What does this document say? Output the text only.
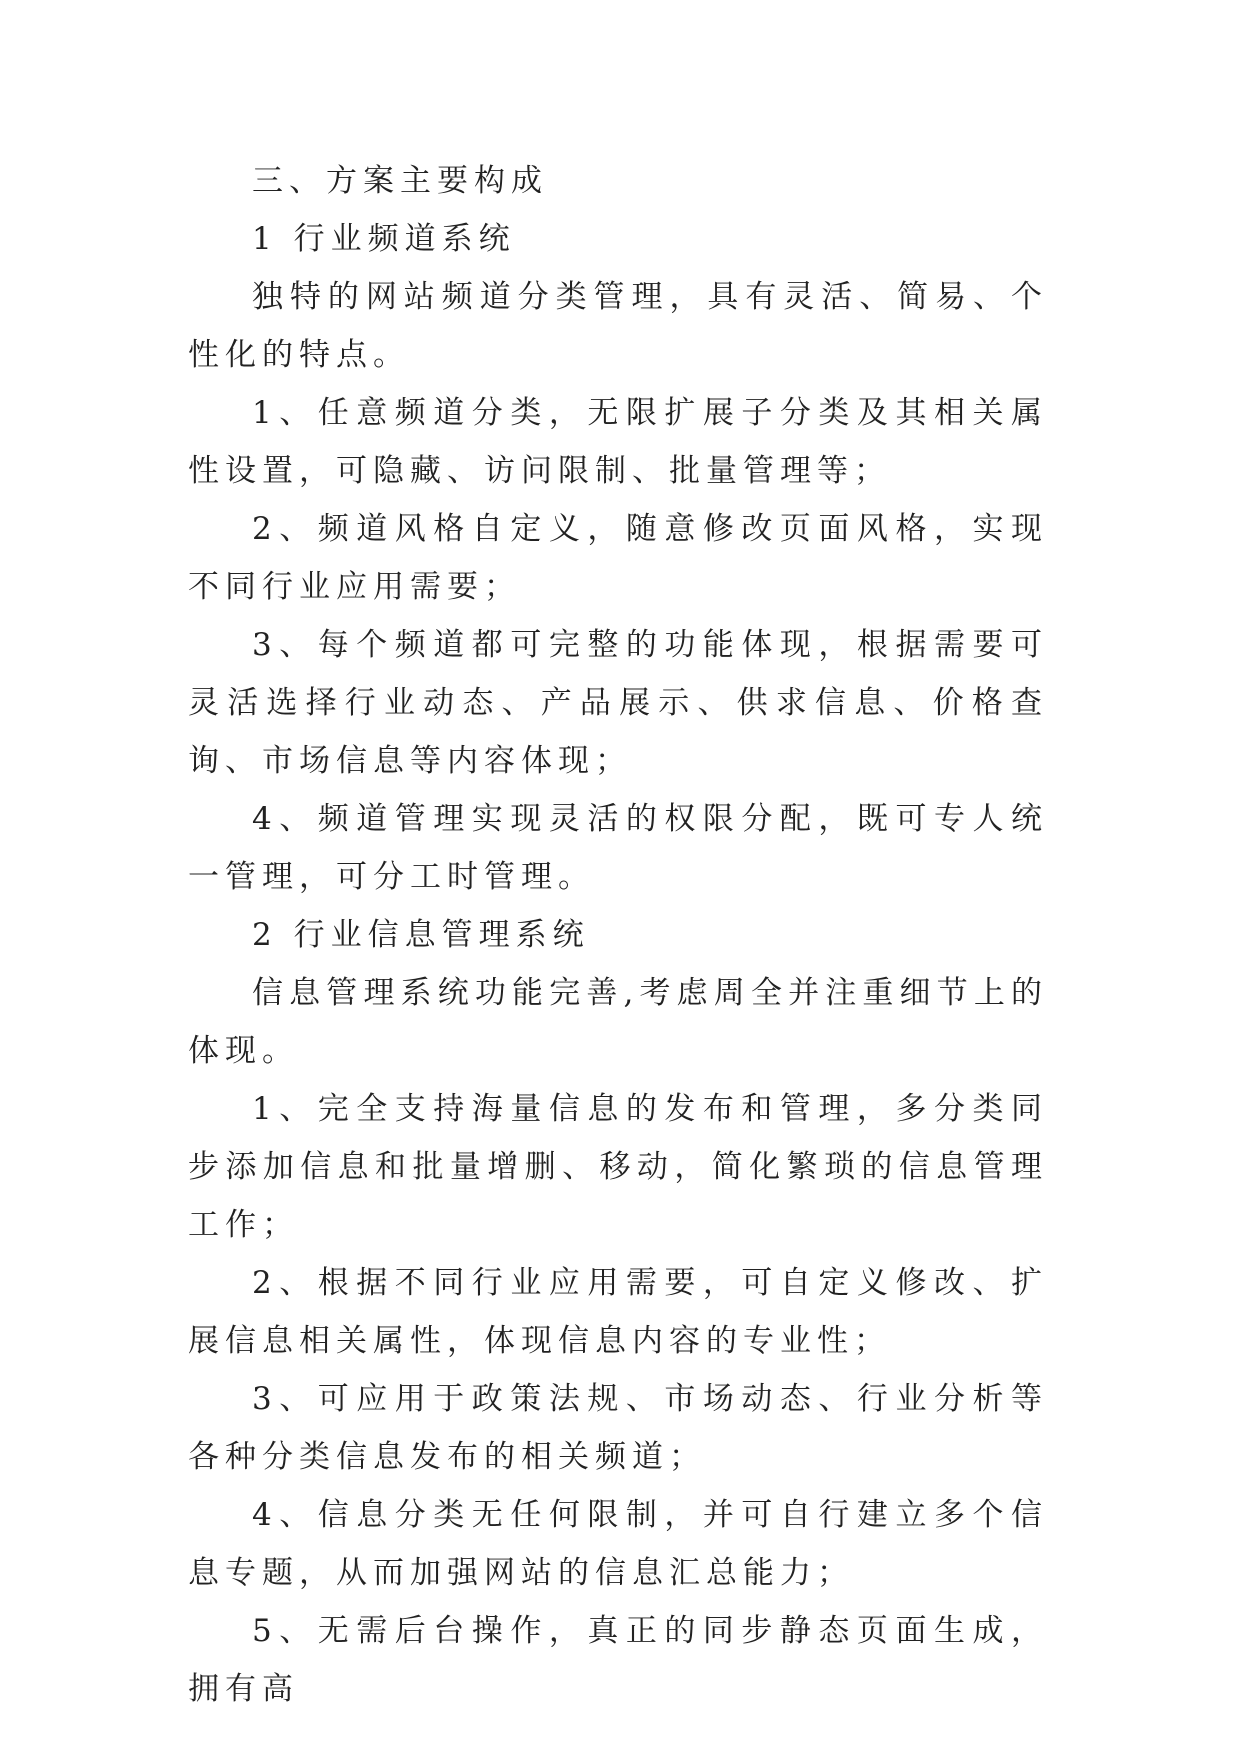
三、方案主要构成

1 行业频道系统

独特的网站频道分类管理，具有灵活、简易、个性化的特点。

1、任意频道分类，无限扩展子分类及其相关属性设置，可隐藏、访问限制、批量管理等；

2、频道风格自定义，随意修改页面风格，实现不同行业应用需要；

3、每个频道都可完整的功能体现，根据需要可灵活选择行业动态、产品展示、供求信息、价格查询、市场信息等内容体现；

4、频道管理实现灵活的权限分配，既可专人统一管理，可分工时管理。

2 行业信息管理系统

信息管理系统功能完善,考虑周全并注重细节上的体现。

1、完全支持海量信息的发布和管理，多分类同步添加信息和批量增删、移动，简化繁琐的信息管理工作；

2、根据不同行业应用需要，可自定义修改、扩展信息相关属性，体现信息内容的专业性；

3、可应用于政策法规、市场动态、行业分析等各种分类信息发布的相关频道；

4、信息分类无任何限制，并可自行建立多个信息专题，从而加强网站的信息汇总能力；

5、无需后台操作，真正的同步静态页面生成，拥有高
